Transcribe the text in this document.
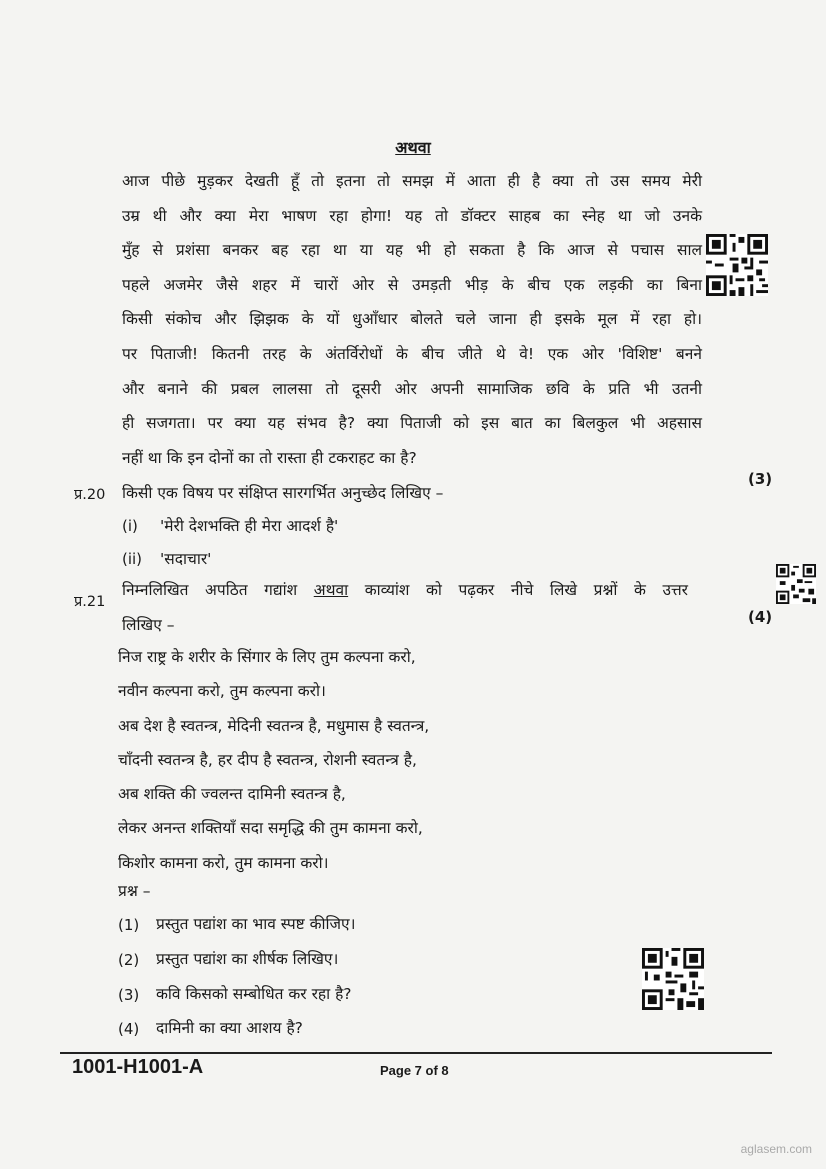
अथवा
आज पीछे मुड़कर देखती हूँ तो इतना तो समझ में आता ही है क्या तो उस समय मेरी
उम्र थी और क्या मेरा भाषण रहा होगा! यह तो डॉक्टर साहब का स्नेह था जो उनके
मुँह से प्रशंसा बनकर बह रहा था या यह भी हो सकता है कि आज से पचास साल
पहले अजमेर जैसे शहर में चारों ओर से उमड़ती भीड़ के बीच एक लड़की का बिना
किसी संकोच और झिझक के यों धुआँधार बोलते चले जाना ही इसके मूल में रहा हो।
पर पिताजी! कितनी तरह के अंतर्विरोधों के बीच जीते थे वे! एक ओर 'विशिष्ट' बनने
और बनाने की प्रबल लालसा तो दूसरी ओर अपनी सामाजिक छवि के प्रति भी उतनी
ही सजगता। पर क्या यह संभव है? क्या पिताजी को इस बात का बिलकुल भी अहसास
नहीं था कि इन दोनों का तो रास्ता ही टकराहट का है?
प्र.20 किसी एक विषय पर संक्षिप्त सारगर्भित अनुच्छेद लिखिए –
(3)
(i) 'मेरी देशभक्ति ही मेरा आदर्श है'
(ii) 'सदाचार'
प्र.21
निम्नलिखित अपठित गद्यांश अथवा काव्यांश को पढ़कर नीचे लिखे प्रश्नों के उत्तर
लिखिए –	(4)
निज राष्ट्र के शरीर के सिंगार के लिए तुम कल्पना करो,
नवीन कल्पना करो, तुम कल्पना करो।
अब देश है स्वतन्त्र, मेदिनी स्वतन्त्र है, मधुमास है स्वतन्त्र,
चाँदनी स्वतन्त्र है, हर दीप है स्वतन्त्र, रोशनी स्वतन्त्र है,
अब शक्ति की ज्वलन्त दामिनी स्वतन्त्र है,
लेकर अनन्त शक्तियाँ सदा समृद्धि की तुम कामना करो,
किशोर कामना करो, तुम कामना करो।
प्रश्न –
(1) प्रस्तुत पद्यांश का भाव स्पष्ट कीजिए।
(2) प्रस्तुत पद्यांश का शीर्षक लिखिए।
(3) कवि किसको सम्बोधित कर रहा है?
(4) दामिनी का क्या आशय है?
1001-H1001-A	Page 7 of 8
aglasem.com
